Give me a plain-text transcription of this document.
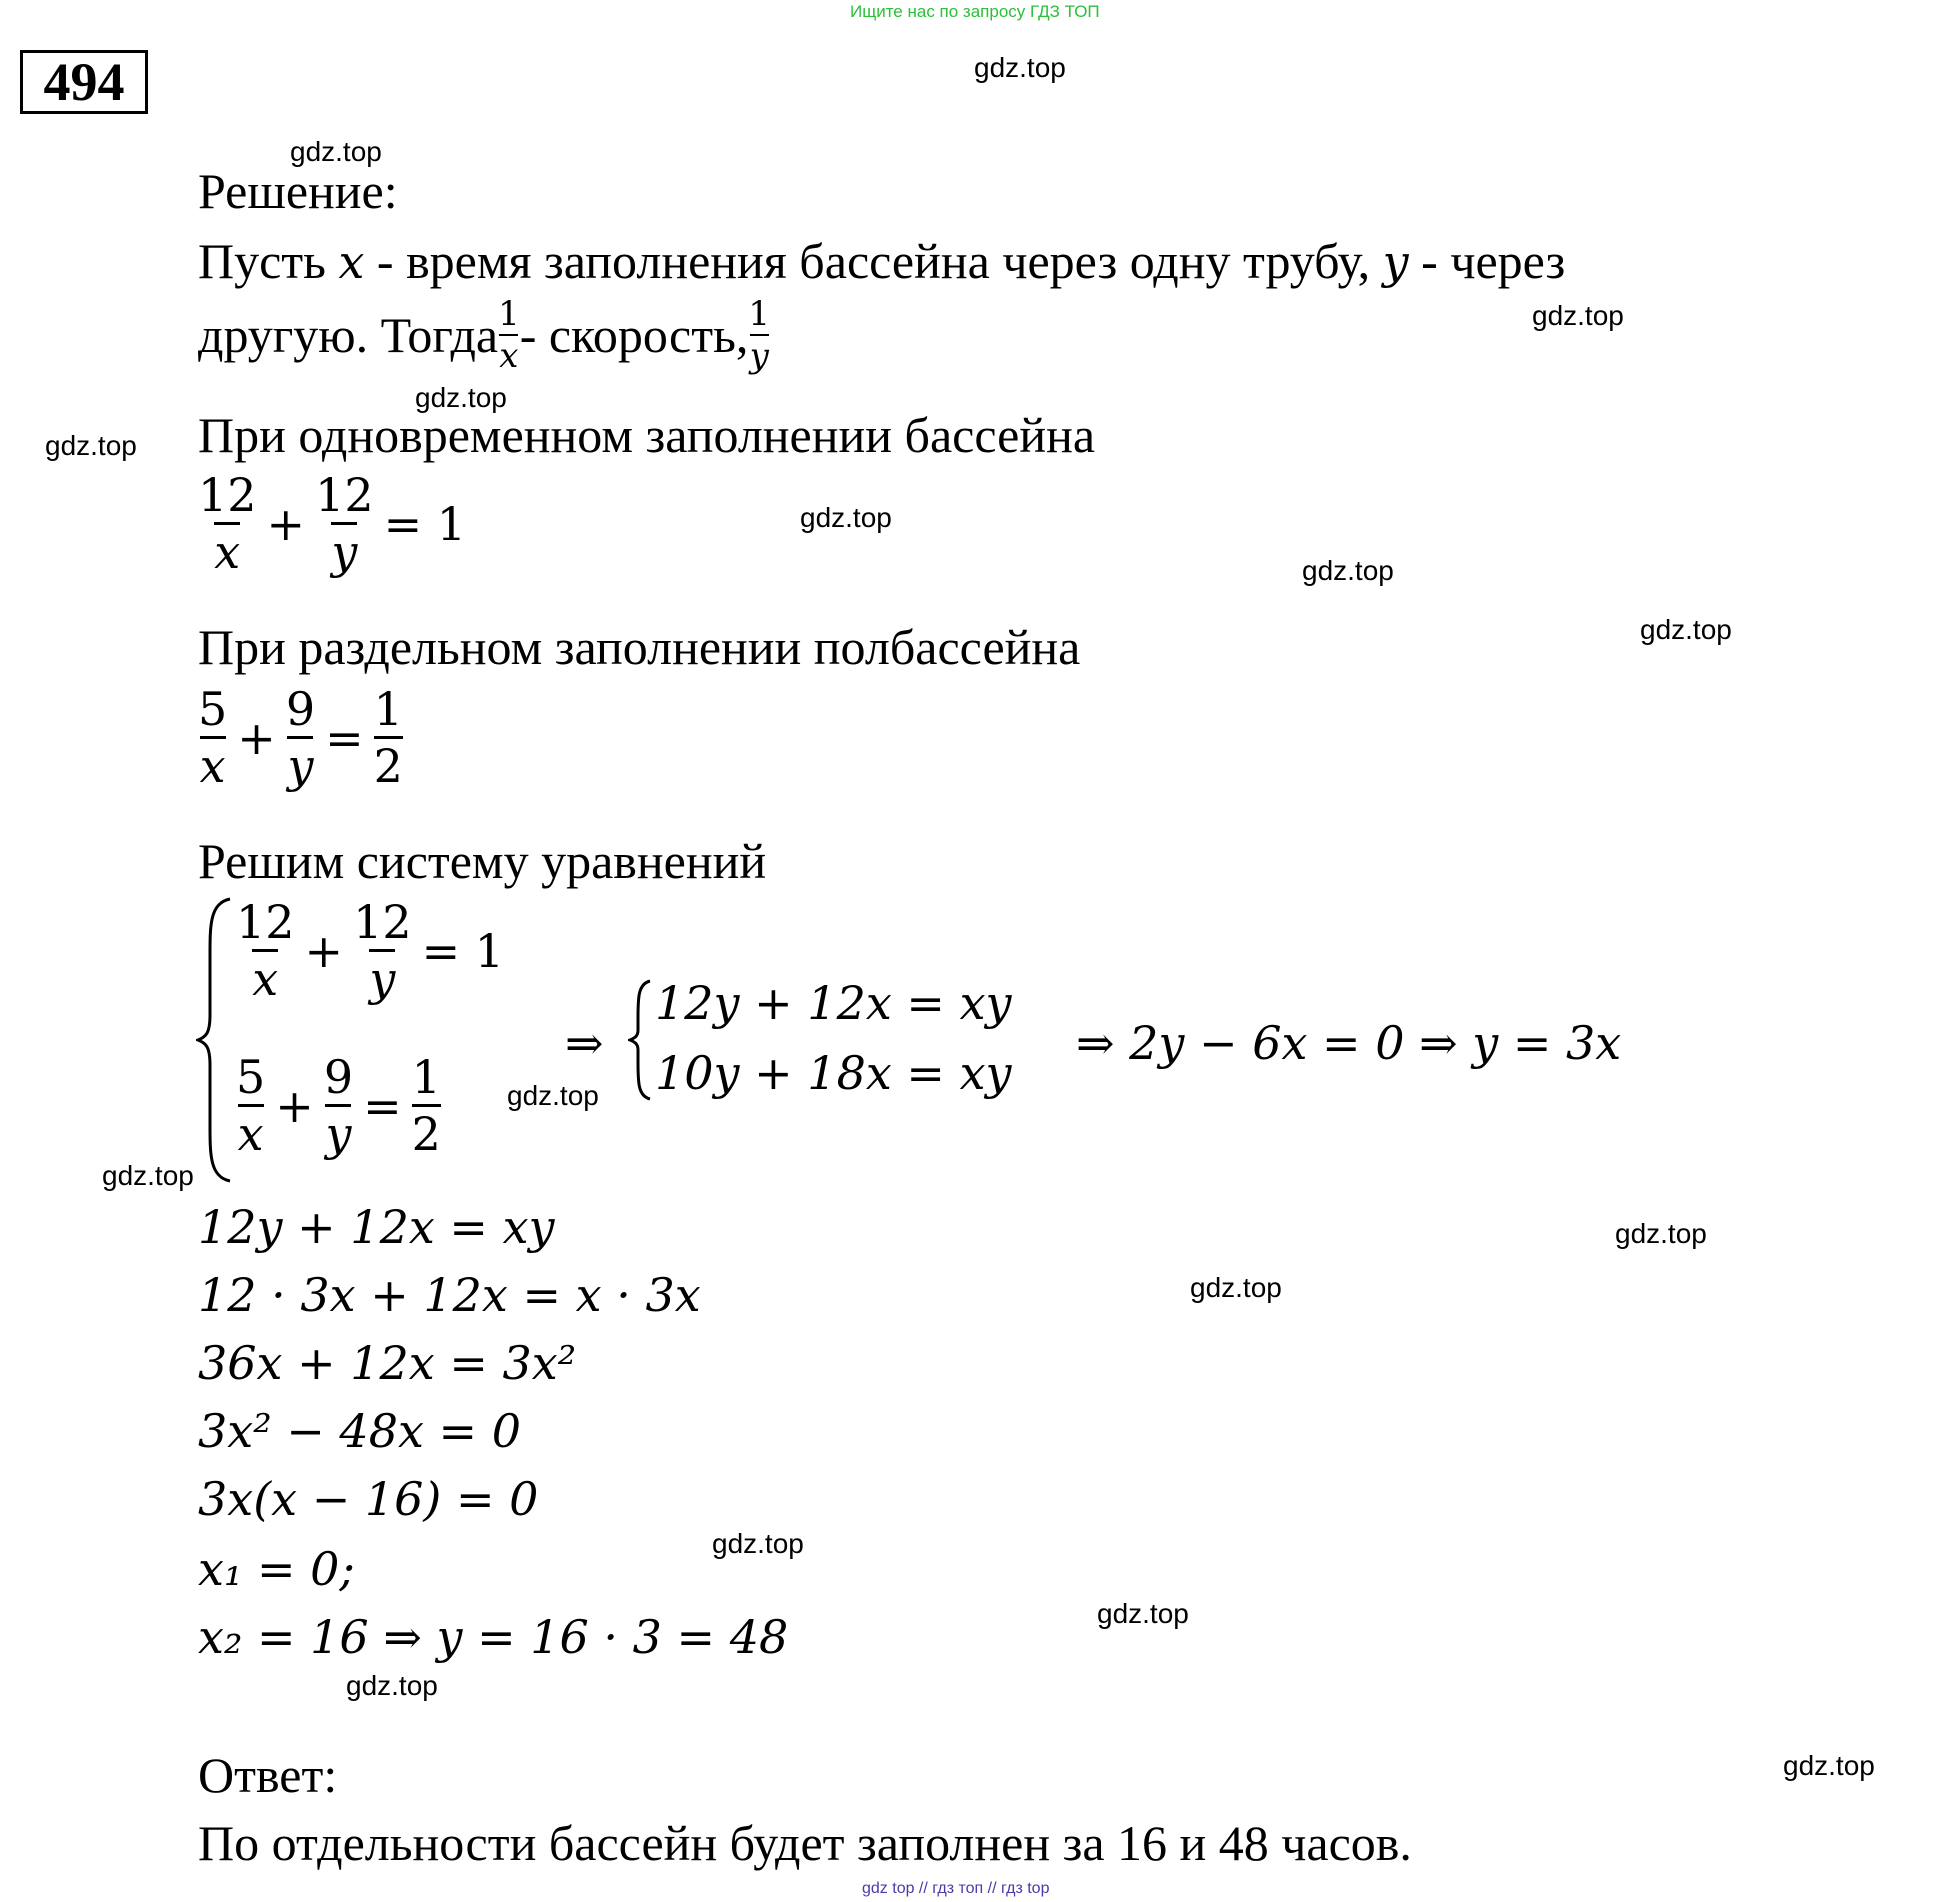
Ищите нас по запросу ГДЗ ТОП
494	gdz.top
gdz.top
gdz.top
gdz.top
gdz.top
gdz.top
gdz.top
gdz.top
gdz.top
gdz.top
gdz.top
gdz.top
gdz.top
gdz.top
gdz.top
gdz.top
Решение:
Пусть x - время заполнения бассейна через одну трубу, y - через
другую. Тогда $\frac{1}{x}$ - скорость, $\frac{1}{y}$
При одновременном заполнении бассейна
$\frac{12}{x} + \frac{12}{y} = 1$
При раздельном заполнении полбассейна
$\frac{5}{x} + \frac{9}{y} = \frac{1}{2}$
Решим систему уравнений
$\frac{12}{x} + \frac{12}{y} = 1$
$\frac{5}{x} + \frac{9}{y} = \frac{1}{2}$
⇒
12y + 12x = xy
10y + 18x = xy
⇒ 2y − 6x = 0 ⇒ y = 3x
12y + 12x = xy
12 · 3x + 12x = x · 3x
36x + 12x = 3x²
3x² − 48x = 0
3x(x − 16) = 0
x₁ = 0;
x₂ = 16 ⇒ y = 16 · 3 = 48
Ответ:
По отдельности бассейн будет заполнен за 16 и 48 часов.
gdz top // гдз топ // гдз top
